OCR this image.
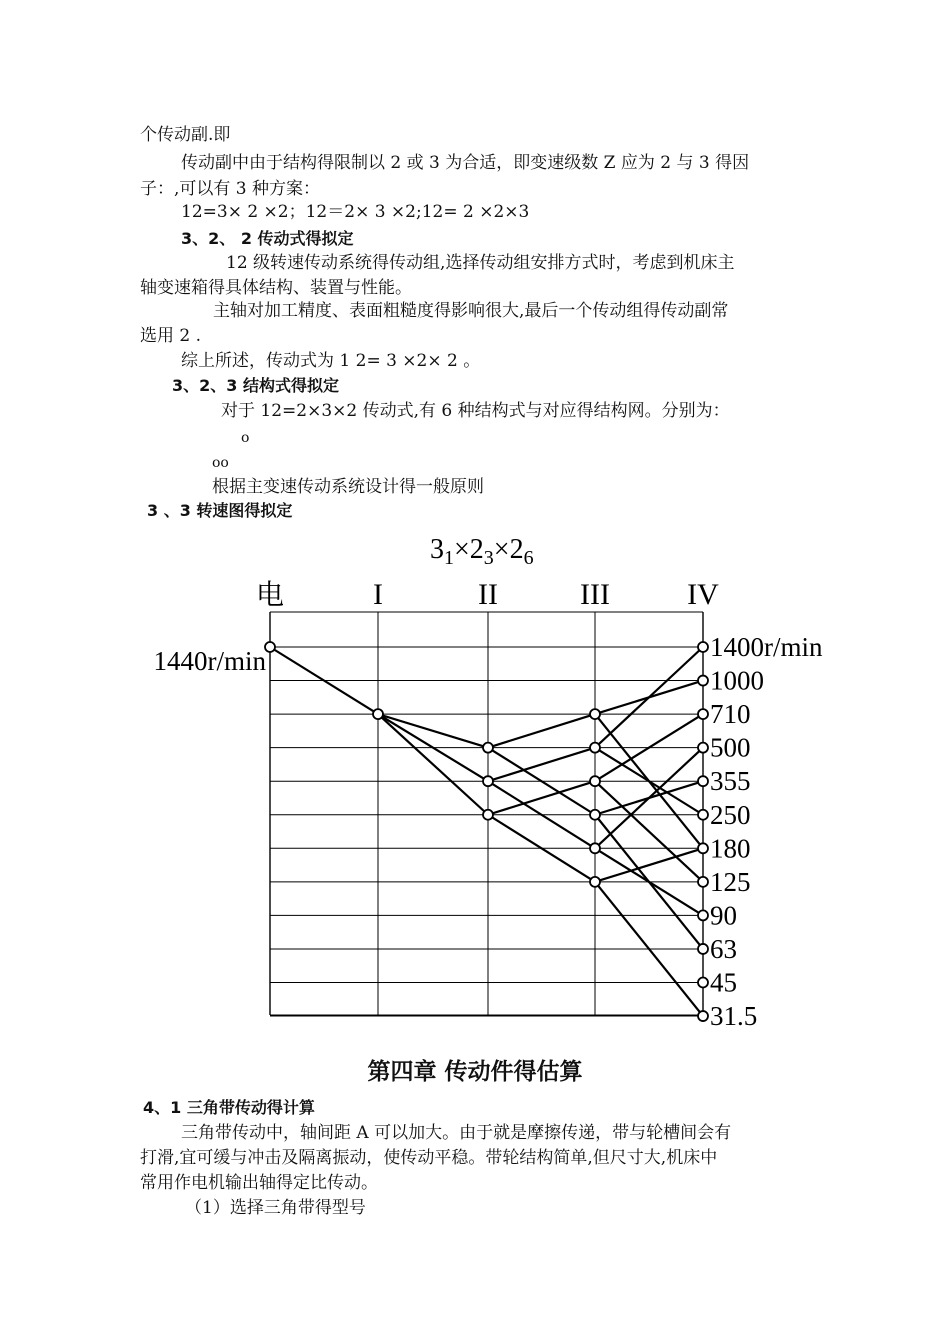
个传动副.即
传动副中由于结构得限制以 2 或 3 为合适，即变速级数 Z 应为 2 与 3 得因
子：,可以有 3 种方案：
12=3× 2 ×2；12＝2× 3 ×2;12= 2 ×2×3
3、2、 2 传动式得拟定
12 级转速传动系统得传动组,选择传动组安排方式时，考虑到机床主
轴变速箱得具体结构、装置与性能。
主轴对加工精度、表面粗糙度得影响很大,最后一个传动组得传动副常
选用 2 .
综上所述，传动式为 1 2= 3 ×2× 2 。
3、2、3 结构式得拟定
对于 12=2×3×2 传动式,有 6 种结构式与对应得结构网。分别为：
ο
οο
根据主变速传动系统设计得一般原则
3 、3 转速图得拟定
$3_1\times 2_3\times 2_6$
电	I	II	III	IV
1440r/min	1400r/min
1000
710
500
355
250
180
125
90
63
45
31.5
第四章 传动件得估算
4、1 三角带传动得计算
三角带传动中，轴间距 A 可以加大。由于就是摩擦传递，带与轮槽间会有
打滑,宜可缓与冲击及隔离振动，使传动平稳。带轮结构简单,但尺寸大,机床中
常用作电机输出轴得定比传动。
（1）选择三角带得型号
